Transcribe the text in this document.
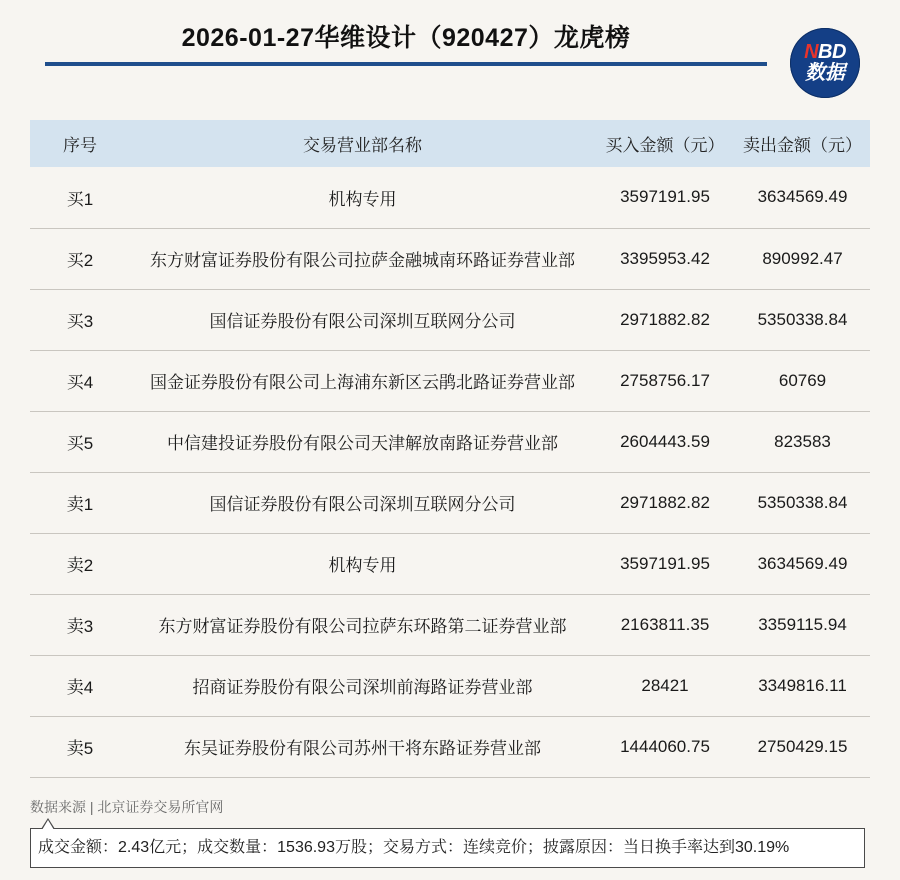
2026-01-27华维设计（920427）龙虎榜	NBD
数据
序号	交易营业部名称	买入金额（元）	卖出金额（元）
买1	机构专用	3597191.95	3634569.49
买2	东方财富证券股份有限公司拉萨金融城南环路证券营业部	3395953.42	890992.47
买3	国信证券股份有限公司深圳互联网分公司	2971882.82	5350338.84
买4	国金证券股份有限公司上海浦东新区云鹃北路证券营业部	2758756.17	60769
买5	中信建投证券股份有限公司天津解放南路证券营业部	2604443.59	823583
卖1	国信证券股份有限公司深圳互联网分公司	2971882.82	5350338.84
卖2	机构专用	3597191.95	3634569.49
卖3	东方财富证券股份有限公司拉萨东环路第二证券营业部	2163811.35	3359115.94
卖4	招商证券股份有限公司深圳前海路证券营业部	28421	3349816.11
卖5	东吴证券股份有限公司苏州干将东路证券营业部	1444060.75	2750429.15
数据来源 | 北京证券交易所官网
成交金额：2.43亿元；成交数量：1536.93万股；交易方式：连续竞价；披露原因：当日换手率达到30.19%
